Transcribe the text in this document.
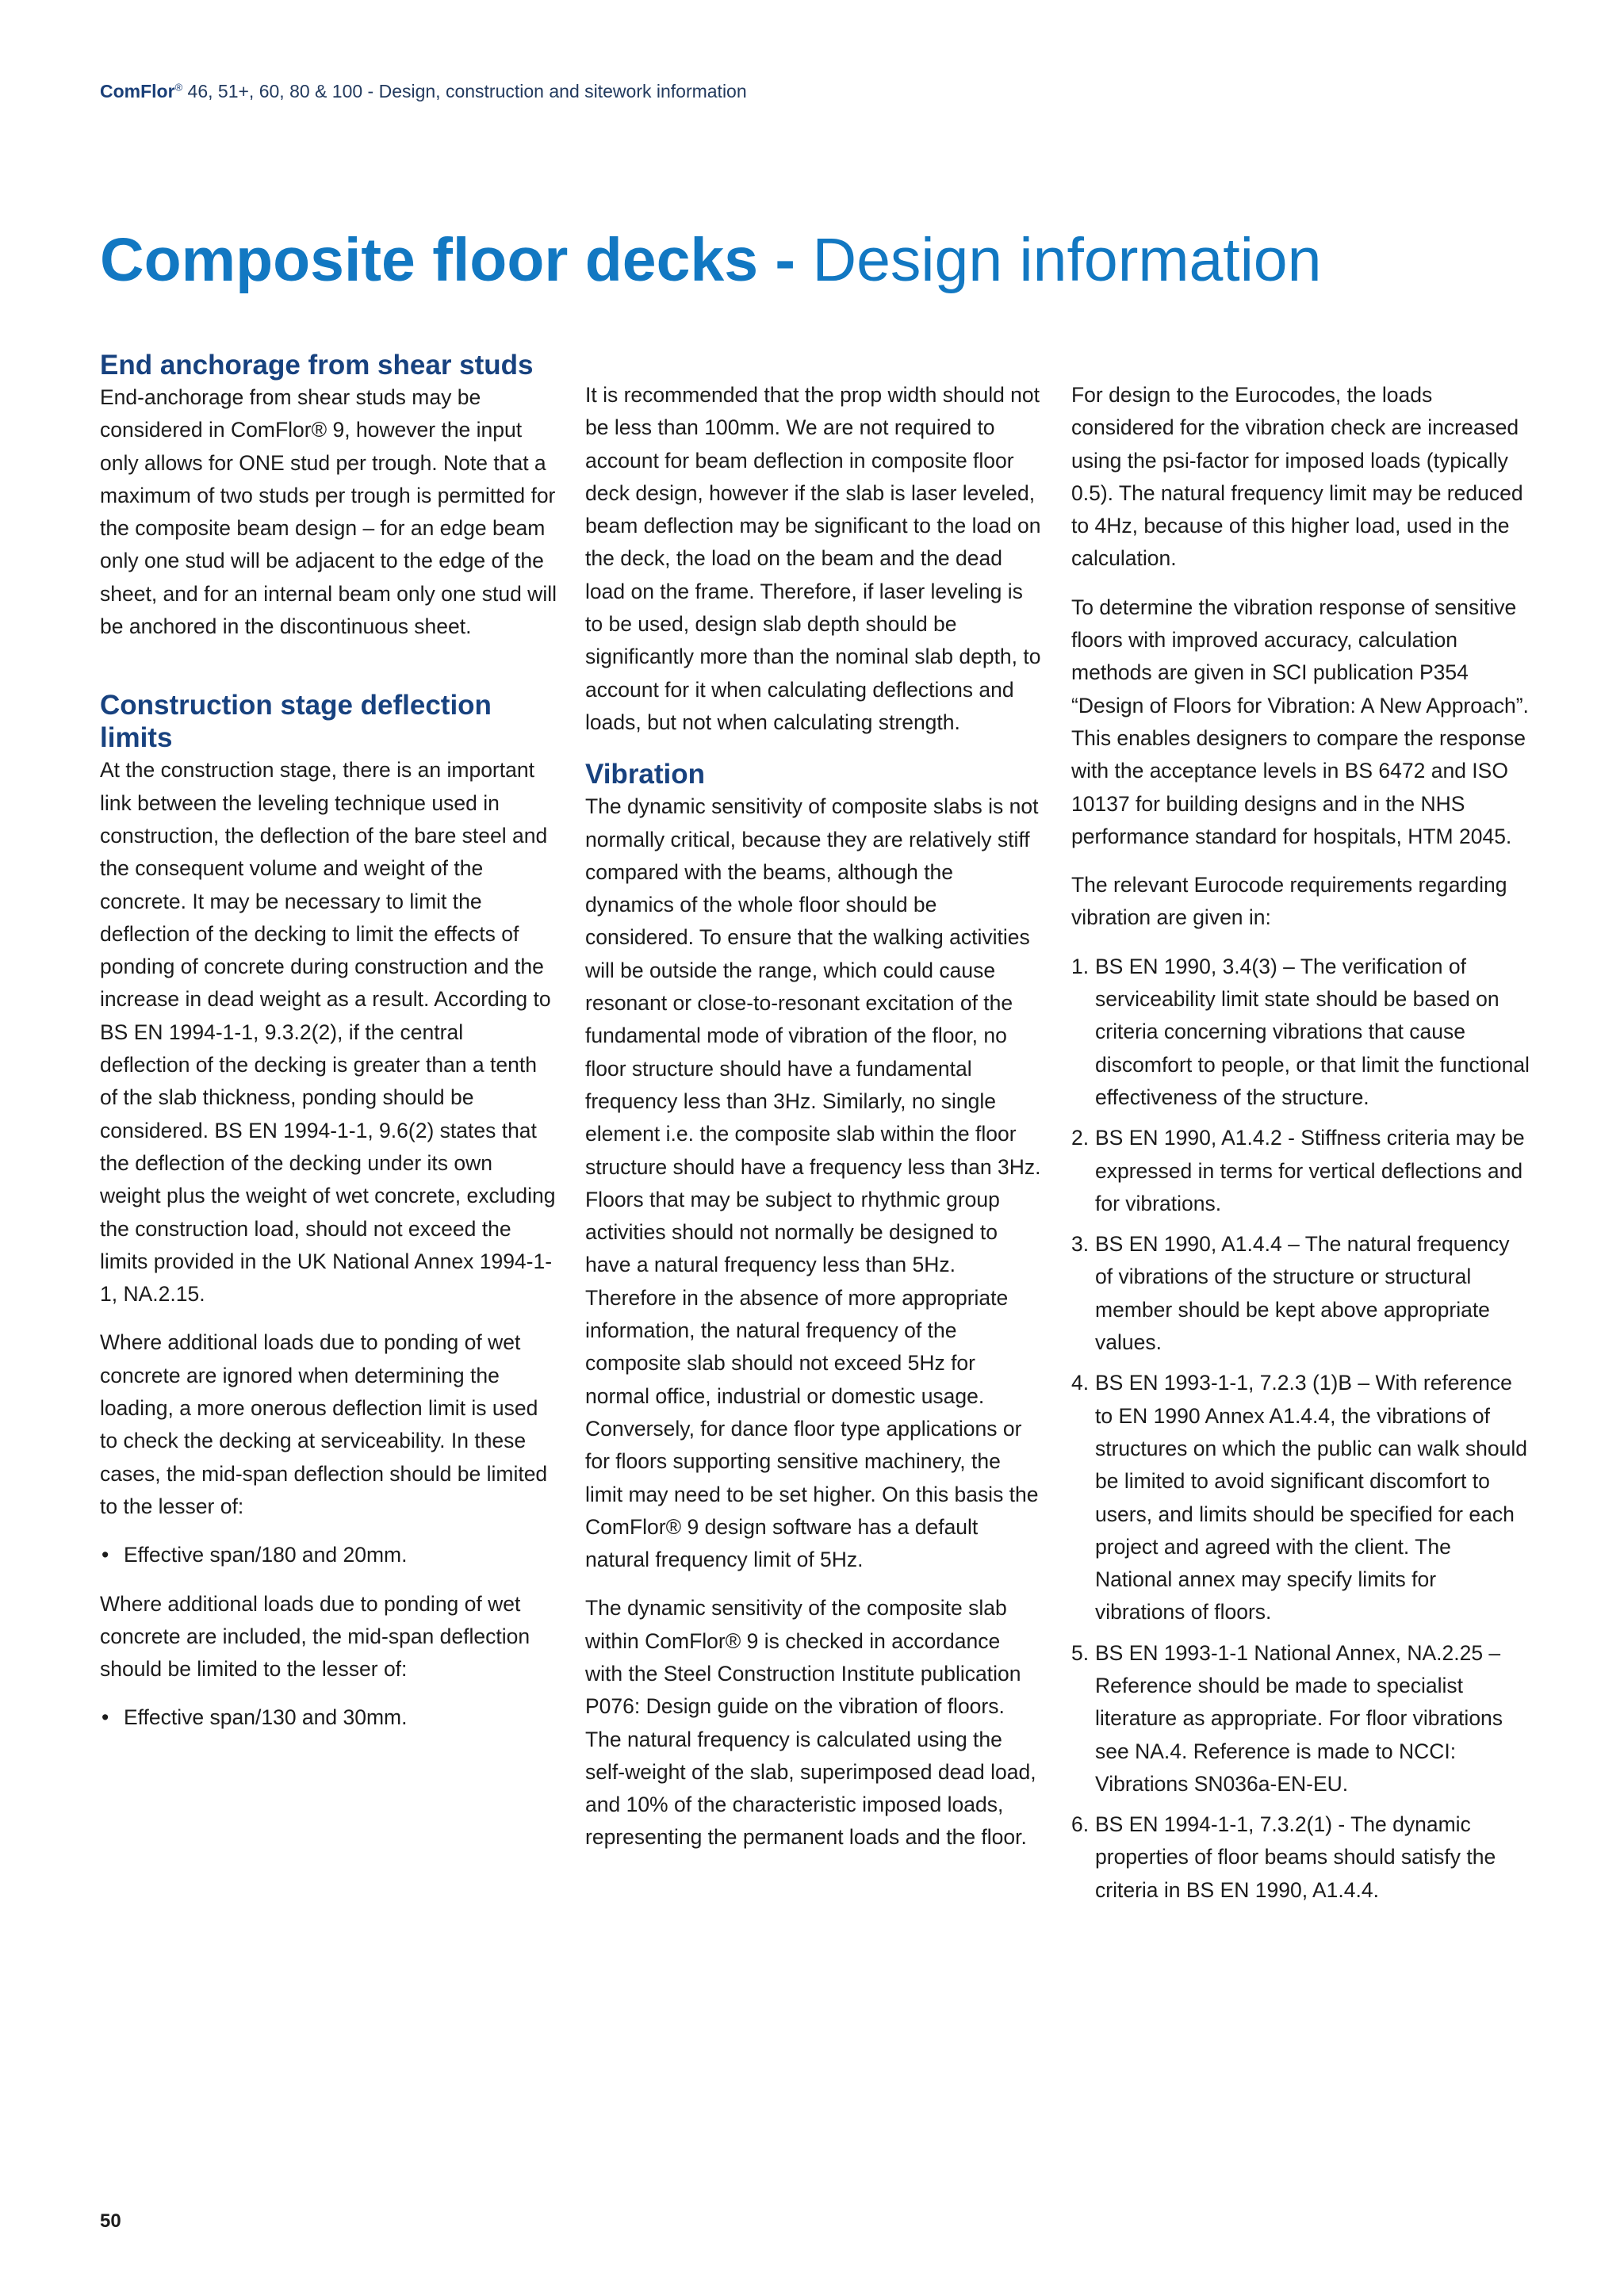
ComFlor® 46, 51+, 60, 80 & 100 - Design, construction and sitework information
Composite floor decks - Design information
End anchorage from shear studs

End-anchorage from shear studs may be considered in ComFlor® 9, however the input only allows for ONE stud per trough. Note that a maximum of two studs per trough is permitted for the composite beam design – for an edge beam only one stud will be adjacent to the edge of the sheet, and for an internal beam only one stud will be anchored in the discontinuous sheet.

Construction stage deflection limits

At the construction stage, there is an important link between the leveling technique used in construction, the deflection of the bare steel and the consequent volume and weight of the concrete. It may be necessary to limit the deflection of the decking to limit the effects of ponding of concrete during construction and the increase in dead weight as a result. According to BS EN 1994-1-1, 9.3.2(2), if the central deflection of the decking is greater than a tenth of the slab thickness, ponding should be considered. BS EN 1994-1-1, 9.6(2) states that the deflection of the decking under its own weight plus the weight of wet concrete, excluding the construction load, should not exceed the limits provided in the UK National Annex 1994-1-1, NA.2.15.

Where additional loads due to ponding of wet concrete are ignored when determining the loading, a more onerous deflection limit is used to check the decking at serviceability. In these cases, the mid-span deflection should be limited to the lesser of:

• Effective span/180 and 20mm.

Where additional loads due to ponding of wet concrete are included, the mid-span deflection should be limited to the lesser of:

• Effective span/130 and 30mm.

It is recommended that the prop width should not be less than 100mm. We are not required to account for beam deflection in composite floor deck design, however if the slab is laser leveled, beam deflection may be significant to the load on the deck, the load on the beam and the dead load on the frame. Therefore, if laser leveling is to be used, design slab depth should be significantly more than the nominal slab depth, to account for it when calculating deflections and loads, but not when calculating strength.

Vibration

The dynamic sensitivity of composite slabs is not normally critical, because they are relatively stiff compared with the beams, although the dynamics of the whole floor should be considered. To ensure that the walking activities will be outside the range, which could cause resonant or close-to-resonant excitation of the fundamental mode of vibration of the floor, no floor structure should have a fundamental frequency less than 3Hz. Similarly, no single element i.e. the composite slab within the floor structure should have a frequency less than 3Hz. Floors that may be subject to rhythmic group activities should not normally be designed to have a natural frequency less than 5Hz. Therefore in the absence of more appropriate information, the natural frequency of the composite slab should not exceed 5Hz for normal office, industrial or domestic usage. Conversely, for dance floor type applications or for floors supporting sensitive machinery, the limit may need to be set higher. On this basis the ComFlor® 9 design software has a default natural frequency limit of 5Hz.

The dynamic sensitivity of the composite slab within ComFlor® 9 is checked in accordance with the Steel Construction Institute publication P076: Design guide on the vibration of floors. The natural frequency is calculated using the self-weight of the slab, superimposed dead load, and 10% of the characteristic imposed loads, representing the permanent loads and the floor.

For design to the Eurocodes, the loads considered for the vibration check are increased using the psi-factor for imposed loads (typically 0.5). The natural frequency limit may be reduced to 4Hz, because of this higher load, used in the calculation.

To determine the vibration response of sensitive floors with improved accuracy, calculation methods are given in SCI publication P354 “Design of Floors for Vibration: A New Approach”. This enables designers to compare the response with the acceptance levels in BS 6472 and ISO 10137 for building designs and in the NHS performance standard for hospitals, HTM 2045.

The relevant Eurocode requirements regarding vibration are given in:

1. BS EN 1990, 3.4(3) – The verification of serviceability limit state should be based on criteria concerning vibrations that cause discomfort to people, or that limit the functional effectiveness of the structure.
2. BS EN 1990, A1.4.2 - Stiffness criteria may be expressed in terms for vertical deflections and for vibrations.
3. BS EN 1990, A1.4.4 – The natural frequency of vibrations of the structure or structural member should be kept above appropriate values.
4. BS EN 1993-1-1, 7.2.3 (1)B – With reference to EN 1990 Annex A1.4.4, the vibrations of structures on which the public can walk should be limited to avoid significant discomfort to users, and limits should be specified for each project and agreed with the client. The National annex may specify limits for vibrations of floors.
5. BS EN 1993-1-1 National Annex, NA.2.25 – Reference should be made to specialist literature as appropriate. For floor vibrations see NA.4. Reference is made to NCCI: Vibrations SN036a-EN-EU.
6. BS EN 1994-1-1, 7.3.2(1) - The dynamic properties of floor beams should satisfy the criteria in BS EN 1990, A1.4.4.
50
